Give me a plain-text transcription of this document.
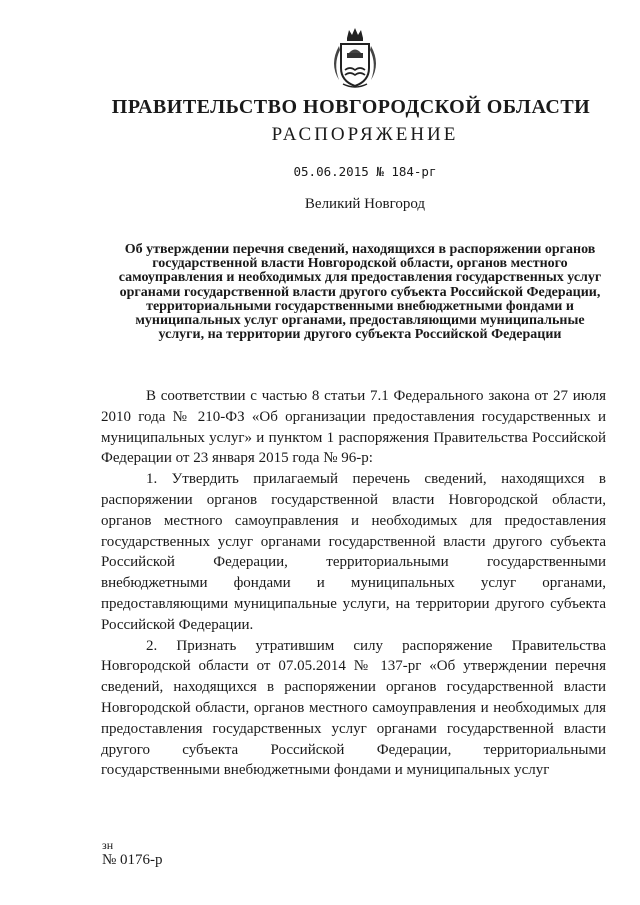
ПРАВИТЕЛЬСТВО НОВГОРОДСКОЙ ОБЛАСТИ
РАСПОРЯЖЕНИЕ
05.06.2015 № 184-рг
Великий Новгород
Об утверждении перечня сведений, находящихся в распоряжении органов государственной власти Новгородской области, органов местного самоуправления и необходимых для предоставления государственных услуг органами государственной власти другого субъекта Российской Федерации, территориальными государственными внебюджетными фондами и муниципальных услуг органами, предоставляющими муниципальные услуги, на территории другого субъекта Российской Федерации

В соответствии с частью 8 статьи 7.1 Федерального закона от 27 июля 2010 года № 210-ФЗ «Об организации предоставления государственных и муниципальных услуг» и пунктом 1 распоряжения Правительства Российской Федерации от 23 января 2015 года № 96-р:

1. Утвердить прилагаемый перечень сведений, находящихся в распоряжении органов государственной власти Новгородской области, органов местного самоуправления и необходимых для предоставления государственных услуг органами государственной власти другого субъекта Российской Федерации, территориальными государственными внебюджетными фондами и муниципальных услуг органами, предоставляющими муниципальные услуги, на территории другого субъекта Российской Федерации.

2. Признать утратившим силу распоряжение Правительства Новгородской области от 07.05.2014 № 137-рг «Об утверждении перечня сведений, находящихся в распоряжении органов государственной власти Новгородской области, органов местного самоуправления и необходимых для предоставления государственных услуг органами государственной власти другого субъекта Российской Федерации, территориальными государственными внебюджетными фондами и муниципальных услуг

зн
№ 0176-р
